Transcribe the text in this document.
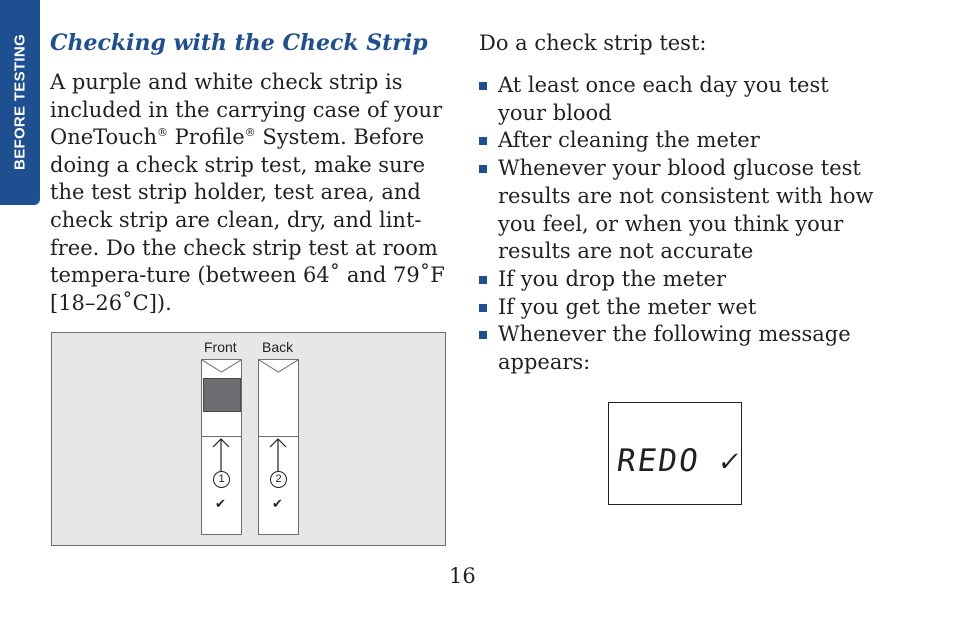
BEFORE TESTING Checking with the Check Strip

A purple and white check strip is included in the carrying case of your OneTouch® Profile® System. Before doing a check strip test, make sure the test strip holder, test area, and check strip are clean, dry, and lint-free. Do the check strip test at room tempera-ture (between 64˚ and 79˚F [18–26˚C]).

Front Back
1
✔
2
✔

Do a check strip test:

At least once each day you test your blood
After cleaning the meter
Whenever your blood glucose test results are not consistent with how you feel, or when you think your results are not accurate
If you drop the meter
If you get the meter wet
Whenever the following message appears:
REDO ✓
16
